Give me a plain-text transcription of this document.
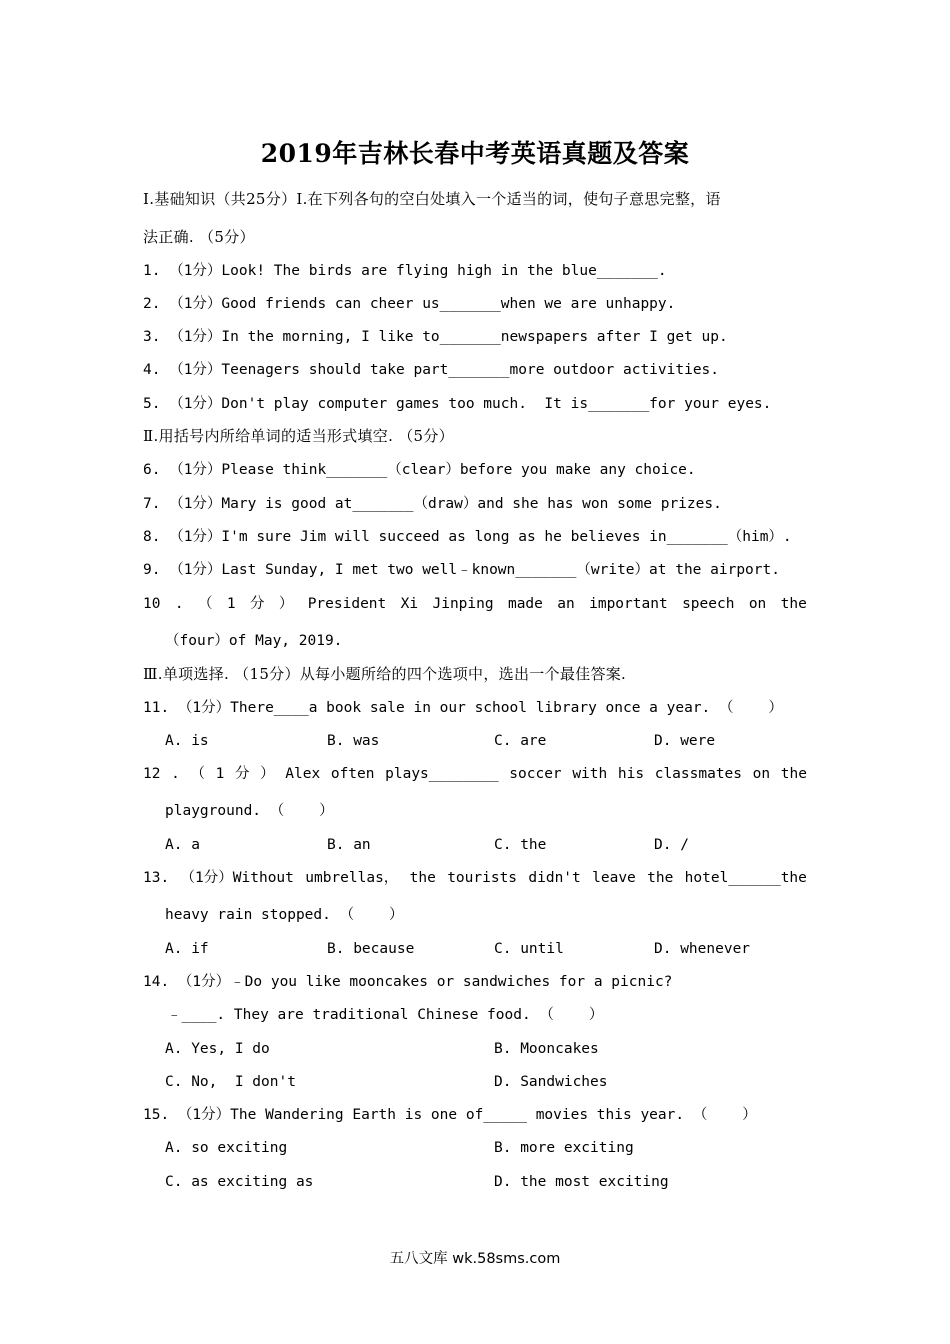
2019年吉林长春中考英语真题及答案
I.基础知识（共25分）Ⅰ.在下列各句的空白处填入一个适当的词，使句子意思完整，语
法正确. （5分）
1. （1分）Look! The birds are flying high in the blue_______.
2. （1分）Good friends can cheer us_______when we are unhappy.
3. （1分）In the morning, I like to_______newspapers after I get up.
4. （1分）Teenagers should take part_______more outdoor activities.
5. （1分）Don't play computer games too much.  It is_______for your eyes.
Ⅱ.用括号内所给单词的适当形式填空. （5分）
6. （1分）Please think_______（clear）before you make any choice.
7. （1分）Mary is good at_______（draw）and she has won some prizes.
8. （1分）I'm sure Jim will succeed as long as he believes in_______（him）.
9. （1分）Last Sunday, I met two well﹣known_______（write）at the airport.
10 . （ 1 分 ） President Xi Jinping made an important speech on the
（four）of May, 2019.
Ⅲ.单项选择. （15分）从每小题所给的四个选项中，选出一个最佳答案.
11. （1分）There____a book sale in our school library once a year. （    ）
A. is	B. was	C. are	D. were
12 . （ 1 分 ） Alex often plays________ soccer with his classmates on the
playground. （    ）
A. a	B. an	C. the	D. /
13. （1分）Without umbrellas， the tourists didn't leave the hotel______the
heavy rain stopped. （    ）
A. if	B. because	C. until	D. whenever
14. （1分）﹣Do you like mooncakes or sandwiches for a picnic?
﹣____. They are traditional Chinese food. （    ）
A. Yes, I do	B. Mooncakes
C. No,  I don't	D. Sandwiches
15. （1分）The Wandering Earth is one of_____ movies this year. （    ）
A. so exciting	B. more exciting
C. as exciting as	D. the most exciting
五八文库 wk.58sms.com
